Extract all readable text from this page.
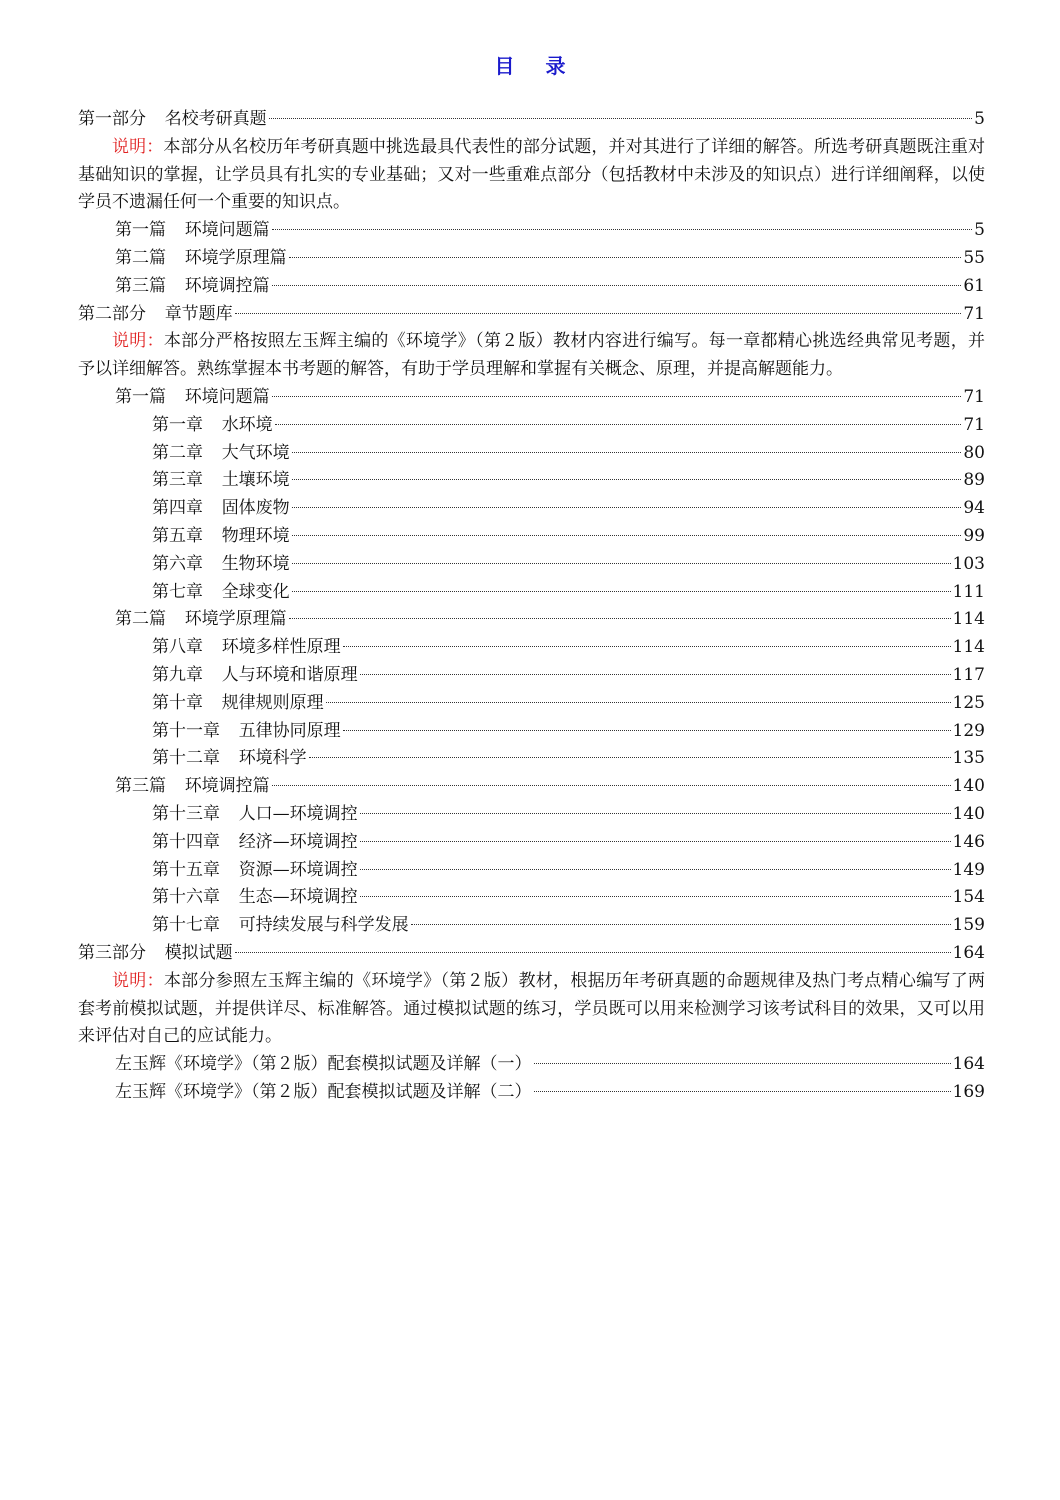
目 录
第一部分 名校考研真题	5

说明：本部分从名校历年考研真题中挑选最具代表性的部分试题，并对其进行了详细的解答。所选考研真题既注重对基础知识的掌握，让学员具有扎实的专业基础；又对一些重难点部分（包括教材中未涉及的知识点）进行详细阐释，以使学员不遗漏任何一个重要的知识点。

第一篇 环境问题篇	5
第二篇 环境学原理篇	55
第三篇 环境调控篇	61
第二部分 章节题库	71

说明：本部分严格按照左玉辉主编的《环境学》（第２版）教材内容进行编写。每一章都精心挑选经典常见考题，并予以详细解答。熟练掌握本书考题的解答，有助于学员理解和掌握有关概念、原理，并提高解题能力。

第一篇 环境问题篇	71
第一章 水环境	71
第二章 大气环境	80
第三章 土壤环境	89
第四章 固体废物	94
第五章 物理环境	99
第六章 生物环境	103
第七章 全球变化	111
第二篇 环境学原理篇	114
第八章 环境多样性原理	114
第九章 人与环境和谐原理	117
第十章 规律规则原理	125
第十一章 五律协同原理	129
第十二章 环境科学	135
第三篇 环境调控篇	140
第十三章 人口—环境调控	140
第十四章 经济—环境调控	146
第十五章 资源—环境调控	149
第十六章 生态—环境调控	154
第十七章 可持续发展与科学发展	159
第三部分 模拟试题	164

说明：本部分参照左玉辉主编的《环境学》（第２版）教材，根据历年考研真题的命题规律及热门考点精心编写了两套考前模拟试题，并提供详尽、标准解答。通过模拟试题的练习，学员既可以用来检测学习该考试科目的效果，又可以用来评估对自己的应试能力。

左玉辉《环境学》（第２版）配套模拟试题及详解（一）	164
左玉辉《环境学》（第２版）配套模拟试题及详解（二）	169
